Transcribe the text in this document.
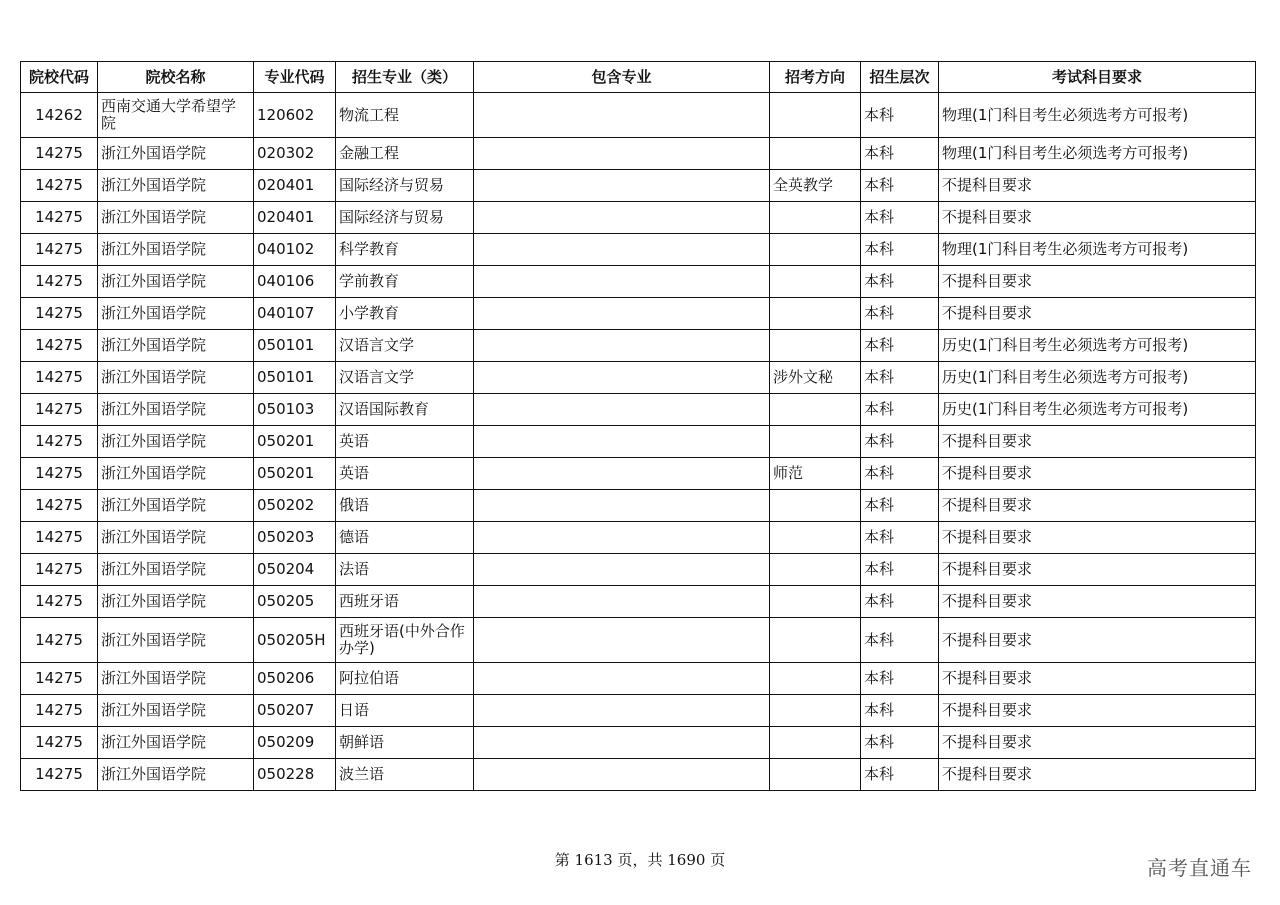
院校代码	院校名称	专业代码	招生专业（类）	包含专业	招考方向	招生层次	考试科目要求
14262	西南交通大学希望学院	120602	物流工程			本科	物理(1门科目考生必须选考方可报考)
14275	浙江外国语学院	020302	金融工程			本科	物理(1门科目考生必须选考方可报考)
14275	浙江外国语学院	020401	国际经济与贸易		全英教学	本科	不提科目要求
14275	浙江外国语学院	020401	国际经济与贸易			本科	不提科目要求
14275	浙江外国语学院	040102	科学教育			本科	物理(1门科目考生必须选考方可报考)
14275	浙江外国语学院	040106	学前教育			本科	不提科目要求
14275	浙江外国语学院	040107	小学教育			本科	不提科目要求
14275	浙江外国语学院	050101	汉语言文学			本科	历史(1门科目考生必须选考方可报考)
14275	浙江外国语学院	050101	汉语言文学		涉外文秘	本科	历史(1门科目考生必须选考方可报考)
14275	浙江外国语学院	050103	汉语国际教育			本科	历史(1门科目考生必须选考方可报考)
14275	浙江外国语学院	050201	英语			本科	不提科目要求
14275	浙江外国语学院	050201	英语		师范	本科	不提科目要求
14275	浙江外国语学院	050202	俄语			本科	不提科目要求
14275	浙江外国语学院	050203	德语			本科	不提科目要求
14275	浙江外国语学院	050204	法语			本科	不提科目要求
14275	浙江外国语学院	050205	西班牙语			本科	不提科目要求
14275	浙江外国语学院	050205H	西班牙语(中外合作办学)			本科	不提科目要求
14275	浙江外国语学院	050206	阿拉伯语			本科	不提科目要求
14275	浙江外国语学院	050207	日语			本科	不提科目要求
14275	浙江外国语学院	050209	朝鲜语			本科	不提科目要求
14275	浙江外国语学院	050228	波兰语			本科	不提科目要求
第 1613 页，共 1690 页	高考直通车
